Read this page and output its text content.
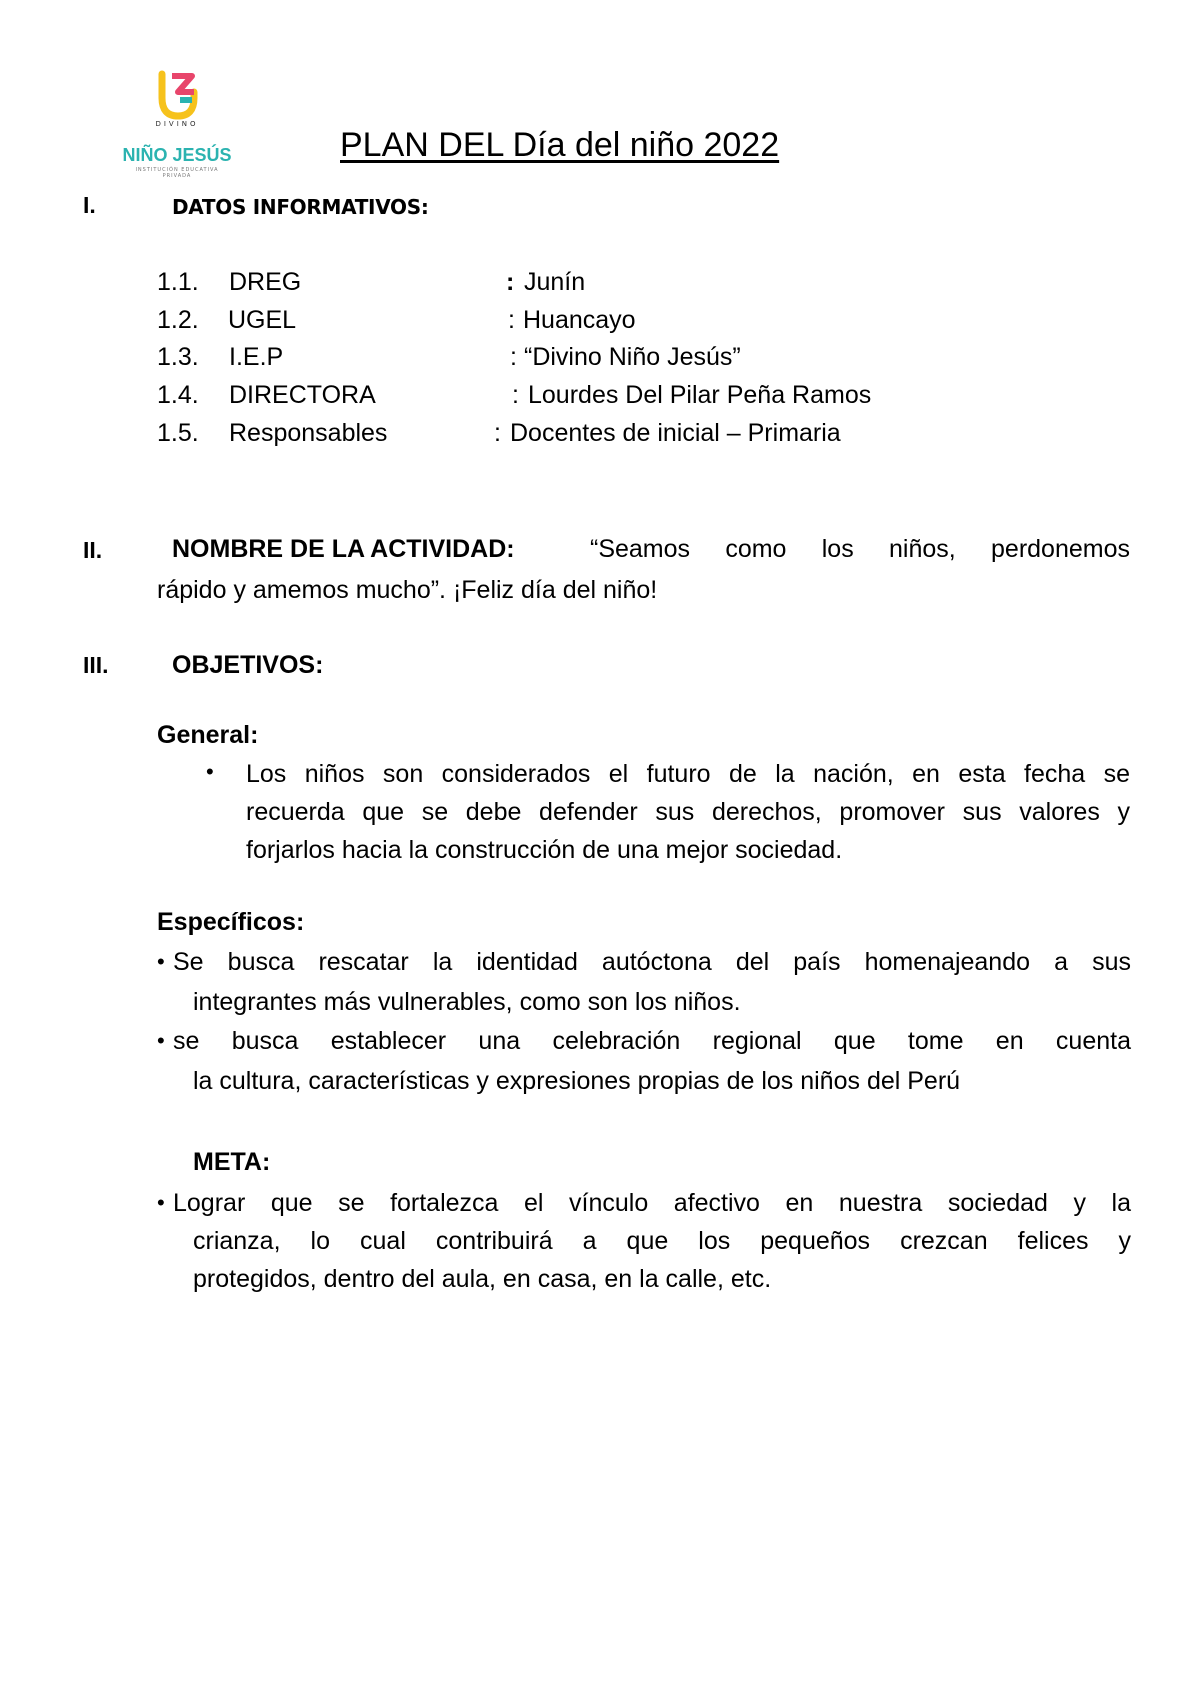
DIVINO
NIÑO JESÚS
INSTITUCIÓN EDUCATIVA PRIVADA
PLAN DEL Día del niño 2022
I.	DATOS INFORMATIVOS:
1.1. DREG	: Junín
1.2. UGEL	: Huancayo
1.3. I.E.P	: “Divino Niño Jesús”
1.4. DIRECTORA	: Lourdes Del Pilar Peña Ramos
1.5. Responsables	: Docentes de inicial – Primaria
II.	NOMBRE DE LA ACTIVIDAD:	“Seamos como los niños, perdonemos
rápido y amemos mucho”. ¡Feliz día del niño!
III.	OBJETIVOS:
General:
• Los niños son considerados el futuro de la nación, en esta fecha se
recuerda que se debe defender sus derechos, promover sus valores y
forjarlos hacia la construcción de una mejor sociedad.
Específicos:
• Se busca rescatar la identidad autóctona del país homenajeando a sus
integrantes más vulnerables, como son los niños.
• se busca establecer una celebración regional que tome en cuenta
la cultura, características y expresiones propias de los niños del Perú
META:
• Lograr que se fortalezca el vínculo afectivo en nuestra sociedad y la
crianza, lo cual contribuirá a que los pequeños crezcan felices y
protegidos, dentro del aula, en casa, en la calle, etc.
